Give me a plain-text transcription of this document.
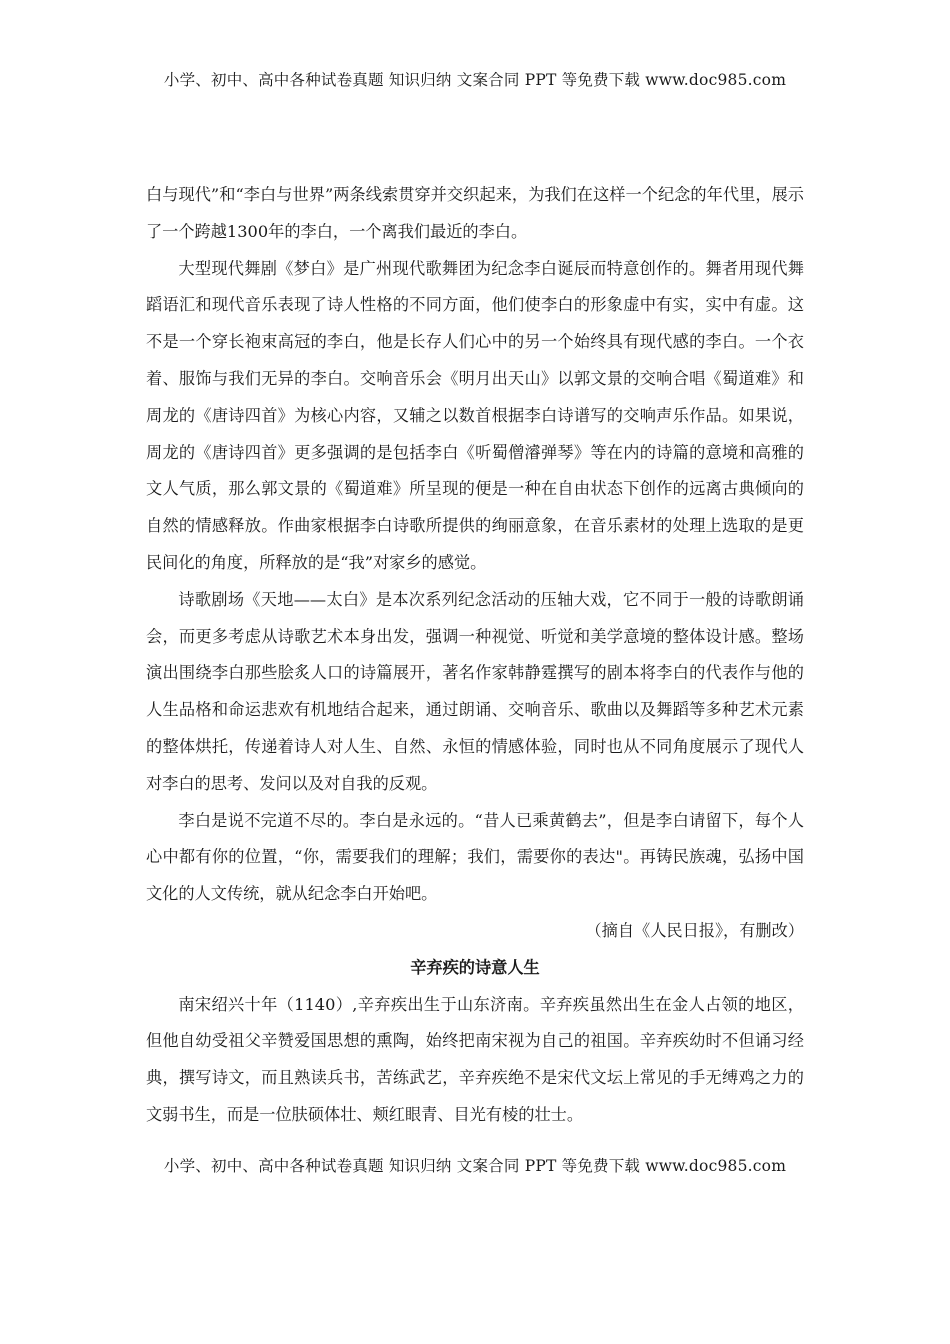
小学、初中、高中各种试卷真题 知识归纳 文案合同 PPT 等免费下载 www.doc985.com

白与现代”和“李白与世界”两条线索贯穿并交织起来，为我们在这样一个纪念的年代里，展示了一个跨越1300年的李白，一个离我们最近的李白。

大型现代舞剧《梦白》是广州现代歌舞团为纪念李白诞辰而特意创作的。舞者用现代舞蹈语汇和现代音乐表现了诗人性格的不同方面，他们使李白的形象虚中有实，实中有虚。这不是一个穿长袍束高冠的李白，他是长存人们心中的另一个始终具有现代感的李白。一个衣着、服饰与我们无异的李白。交响音乐会《明月出天山》以郭文景的交响合唱《蜀道难》和周龙的《唐诗四首》为核心内容，又辅之以数首根据李白诗谱写的交响声乐作品。如果说，周龙的《唐诗四首》更多强调的是包括李白《听蜀僧濬弹琴》等在内的诗篇的意境和高雅的文人气质，那么郭文景的《蜀道难》所呈现的便是一种在自由状态下创作的远离古典倾向的自然的情感释放。作曲家根据李白诗歌所提供的绚丽意象，在音乐素材的处理上选取的是更民间化的角度，所释放的是“我”对家乡的感觉。

诗歌剧场《天地——太白》是本次系列纪念活动的压轴大戏，它不同于一般的诗歌朗诵会，而更多考虑从诗歌艺术本身出发，强调一种视觉、听觉和美学意境的整体设计感。整场演出围绕李白那些脍炙人口的诗篇展开，著名作家韩静霆撰写的剧本将李白的代表作与他的人生品格和命运悲欢有机地结合起来，通过朗诵、交响音乐、歌曲以及舞蹈等多种艺术元素的整体烘托，传递着诗人对人生、自然、永恒的情感体验，同时也从不同角度展示了现代人对李白的思考、发问以及对自我的反观。

李白是说不完道不尽的。李白是永远的。“昔人已乘黄鹤去”，但是李白请留下，每个人心中都有你的位置，“你，需要我们的理解；我们，需要你的表达"。再铸民族魂，弘扬中国文化的人文传统，就从纪念李白开始吧。

（摘自《人民日报》，有删改）

辛弃疾的诗意人生

南宋绍兴十年（1140）,辛弃疾出生于山东济南。辛弃疾虽然出生在金人占领的地区，但他自幼受祖父辛赞爱国思想的熏陶，始终把南宋视为自己的祖国。辛弃疾幼时不但诵习经典，撰写诗文，而且熟读兵书，苦练武艺，辛弃疾绝不是宋代文坛上常见的手无缚鸡之力的文弱书生，而是一位肤硕体壮、颊红眼青、目光有棱的壮士。

小学、初中、高中各种试卷真题 知识归纳 文案合同 PPT 等免费下载 www.doc985.com
